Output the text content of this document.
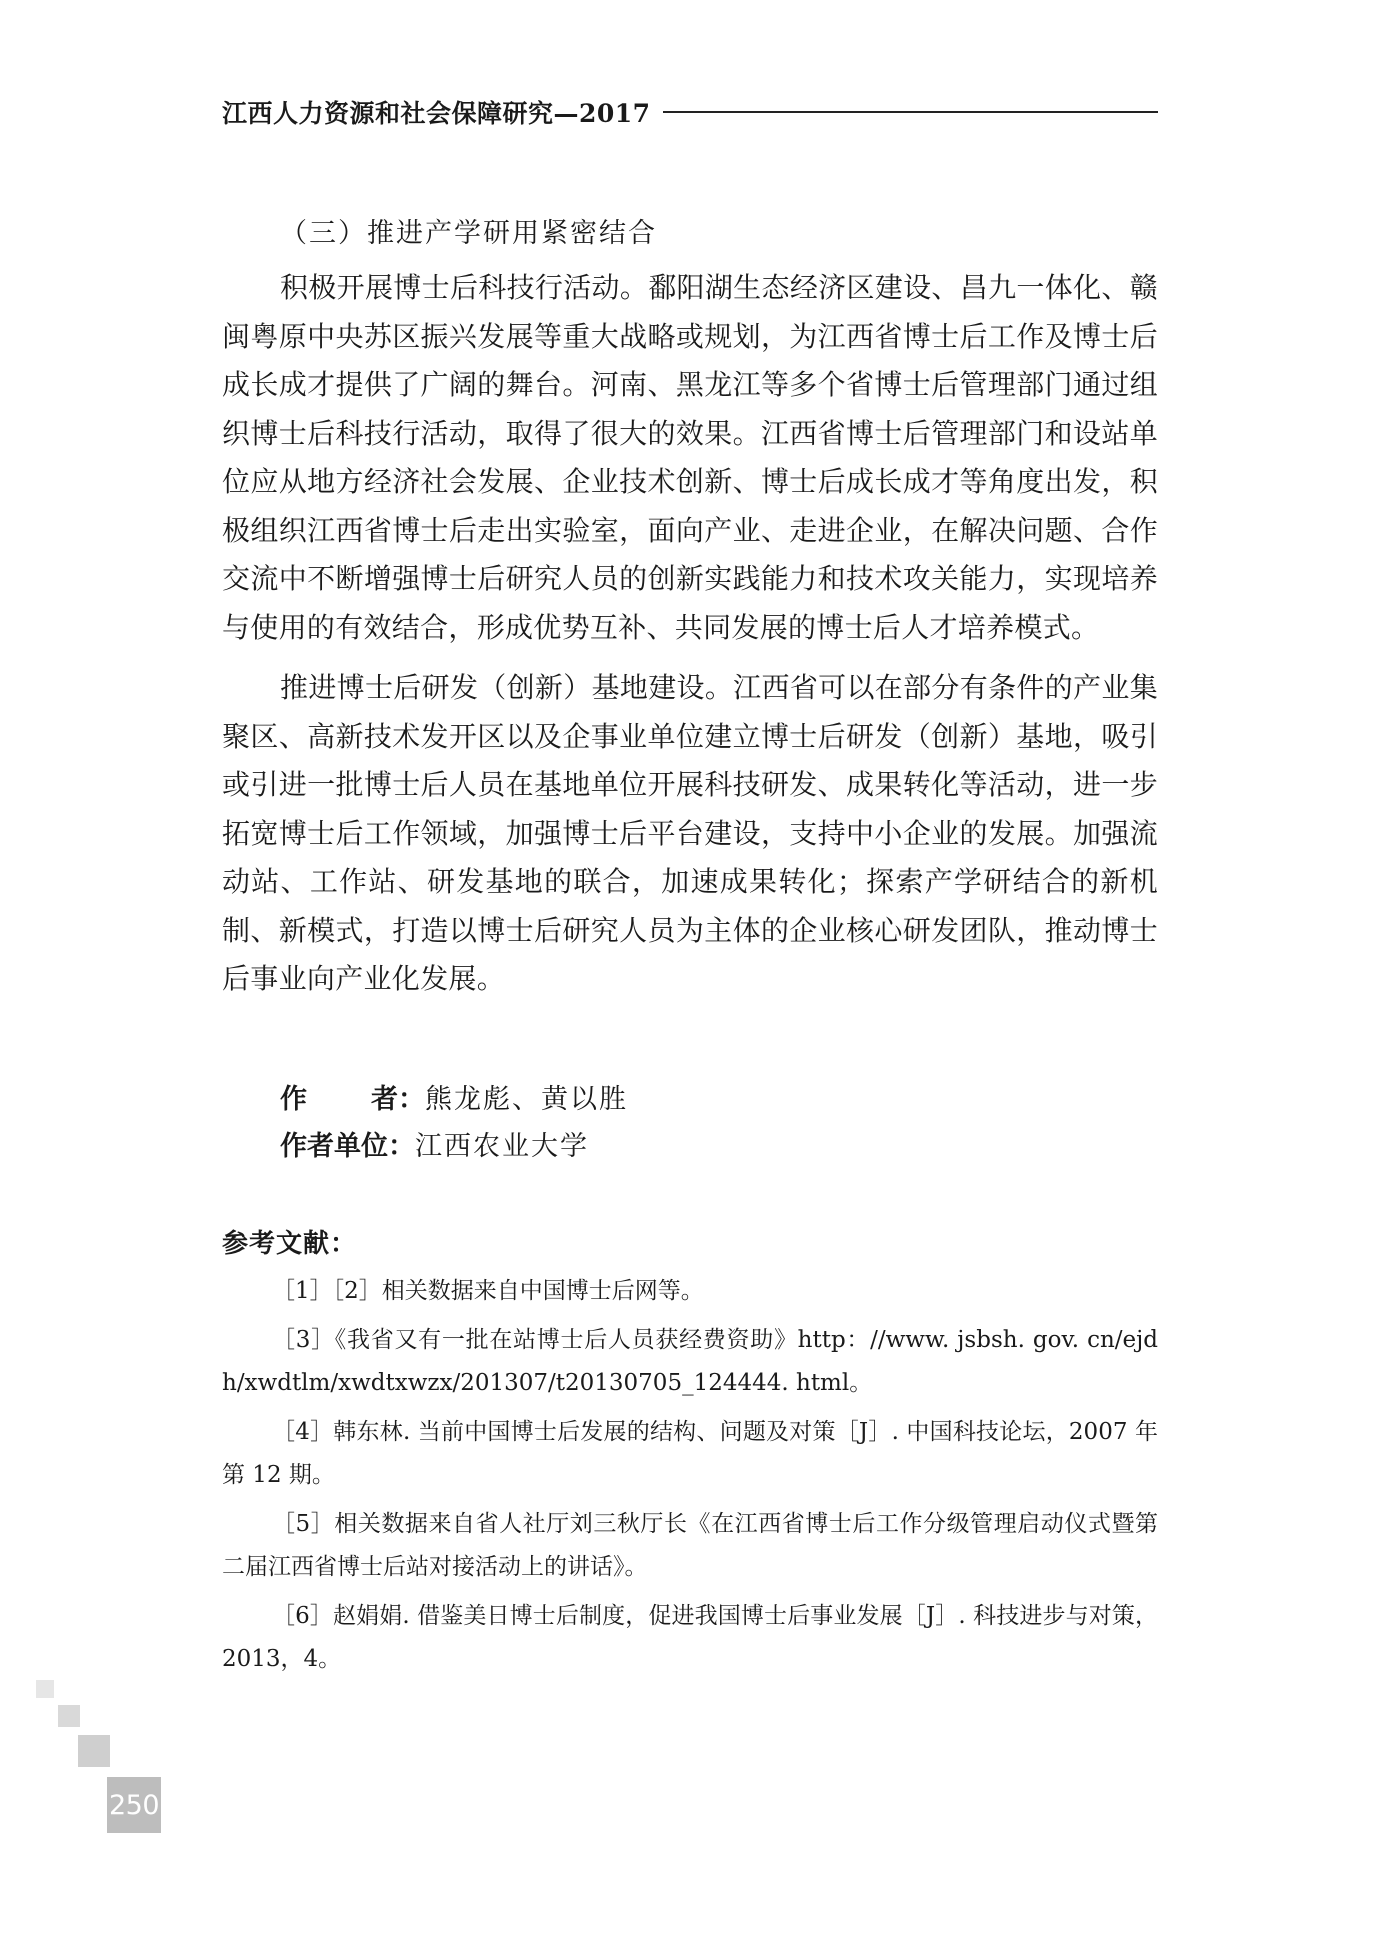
江西人力资源和社会保障研究—2017
（三）推进产学研用紧密结合

积极开展博士后科技行活动。鄱阳湖生态经济区建设、昌九一体化、赣闽粤原中央苏区振兴发展等重大战略或规划，为江西省博士后工作及博士后成长成才提供了广阔的舞台。河南、黑龙江等多个省博士后管理部门通过组织博士后科技行活动，取得了很大的效果。江西省博士后管理部门和设站单位应从地方经济社会发展、企业技术创新、博士后成长成才等角度出发，积极组织江西省博士后走出实验室，面向产业、走进企业，在解决问题、合作交流中不断增强博士后研究人员的创新实践能力和技术攻关能力，实现培养与使用的有效结合，形成优势互补、共同发展的博士后人才培养模式。

推进博士后研发（创新）基地建设。江西省可以在部分有条件的产业集聚区、高新技术发开区以及企事业单位建立博士后研发（创新）基地，吸引或引进一批博士后人员在基地单位开展科技研发、成果转化等活动，进一步拓宽博士后工作领域，加强博士后平台建设，支持中小企业的发展。加强流动站、工作站、研发基地的联合，加速成果转化；探索产学研结合的新机制、新模式，打造以博士后研究人员为主体的企业核心研发团队，推动博士后事业向产业化发展。

作 者 ： 熊龙彪、黄以胜
作者单位： 江西农业大学
参考文献：

［1］［2］相关数据来自中国博士后网等。

［3］《我省又有一批在站博士后人员获经费资助》http：//www. jsbsh. gov. cn/ejdh/xwdtlm/xwdtxwzx/201307/t20130705_124444. html。

［4］韩东林. 当前中国博士后发展的结构、问题及对策［J］. 中国科技论坛，2007 年第 12 期。

［5］相关数据来自省人社厅刘三秋厅长《在江西省博士后工作分级管理启动仪式暨第二届江西省博士后站对接活动上的讲话》。

［6］赵娟娟. 借鉴美日博士后制度，促进我国博士后事业发展［J］. 科技进步与对策，2013，4。

250
